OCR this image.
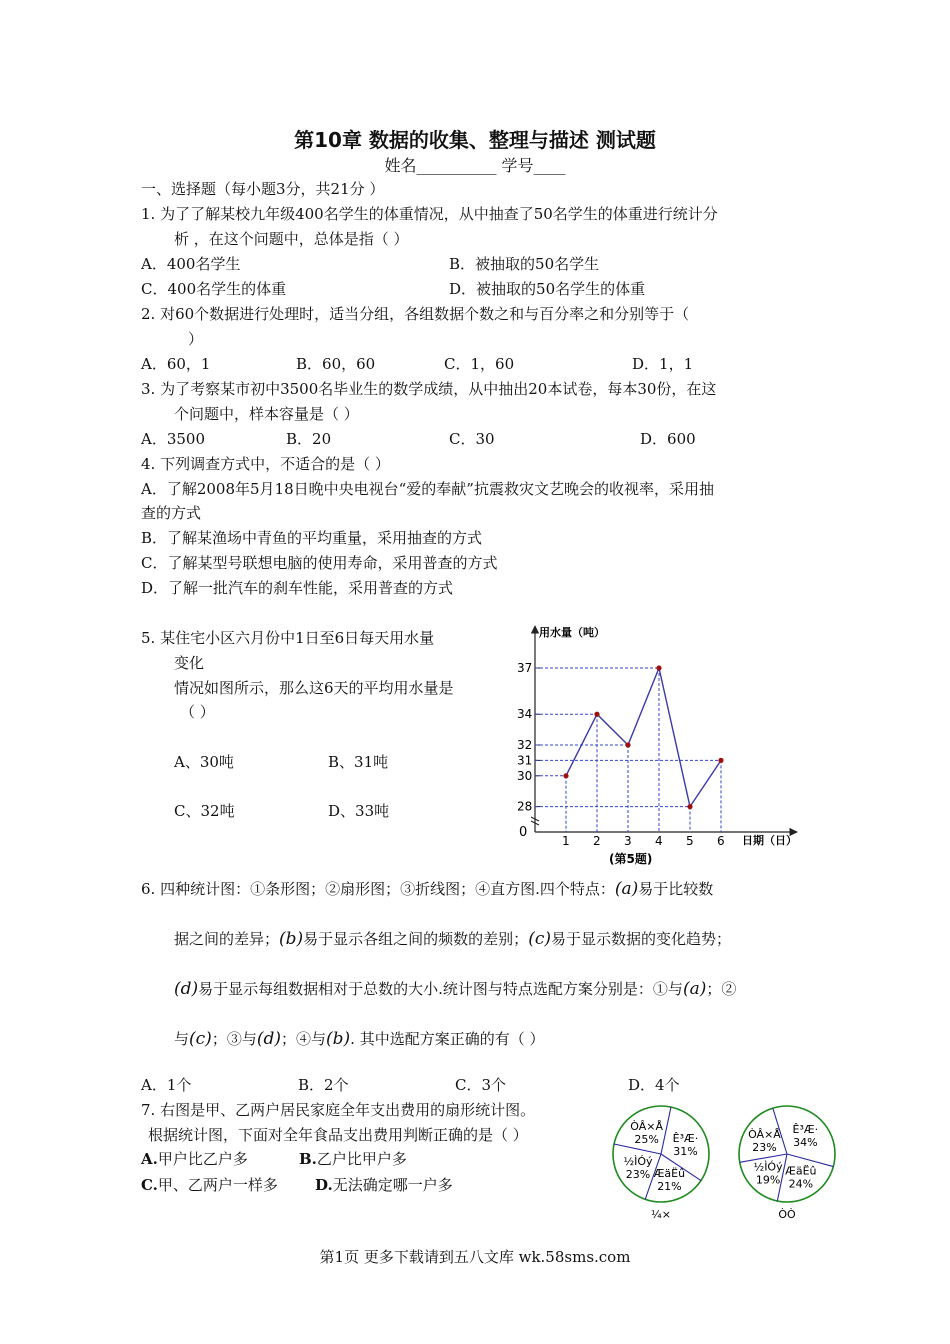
第10章 数据的收集、整理与描述 测试题
姓名__________ 学号____
一、选择题（每小题3分，共21分 ）
1. 为了了解某校九年级400名学生的体重情况，从中抽查了50名学生的体重进行统计分
析 ，在这个问题中，总体是指（ ）
A．400名学生	B．被抽取的50名学生
C．400名学生的体重	D．被抽取的50名学生的体重
2. 对60个数据进行处理时，适当分组，各组数据个数之和与百分率之和分别等于（
）
A．60，1	B．60，60	C．1，60	D．1，1
3. 为了考察某市初中3500名毕业生的数学成绩，从中抽出20本试卷，每本30份，在这
个问题中，样本容量是（ ）
A．3500	B．20	C．30	D．600
4. 下列调查方式中，不适合的是（ ）
A．了解2008年5月18日晚中央电视台“爱的奉献”抗震救灾文艺晚会的收视率，采用抽
查的方式
B．了解某渔场中青鱼的平均重量，采用抽查的方式
C．了解某型号联想电脑的使用寿命，采用普查的方式
D．了解一批汽车的刹车性能，采用普查的方式
5. 某住宅小区六月份中1日至6日每天用水量
变化
情况如图所示，那么这6天的平均用水量是
（ ）
A、30吨	B、31吨
C、32吨	D、33吨
37
34
32
31
30
28
1 2 3 4 5 6
用水量（吨）
日期（日）
0
(第5题)
6. 四种统计图：①条形图；②扇形图；③折线图；④直方图.四个特点：(a)易于比较数
据之间的差异；(b)易于显示各组之间的频数的差别；(c)易于显示数据的变化趋势；
(d)易于显示每组数据相对于总数的大小.统计图与特点选配方案分别是：①与(a)；②
与(c)；③与(d)；④与(b). 其中选配方案正确的有（ ）
A．1个	B．2个	C．3个	D．4个
7. 右图是甲、乙两户居民家庭全年支出费用的扇形统计图。
根据统计图，下面对全年食品支出费用判断正确的是（ ）
A.甲户比乙户多	B.乙户比甲户多
C.甲、乙两户一样多 D.无法确定哪一户多
ÒÂ×Å
25% Ê³Æ·
31%
ÆäËû
21%
½ÌÓý
23%
¼×
ÒÂ×Å
23%
Ê³Æ·
34%
ÆäËû
24%
½ÌÓý
19%
ÒÒ
第1页 更多下载请到五八文库 wk.58sms.com
